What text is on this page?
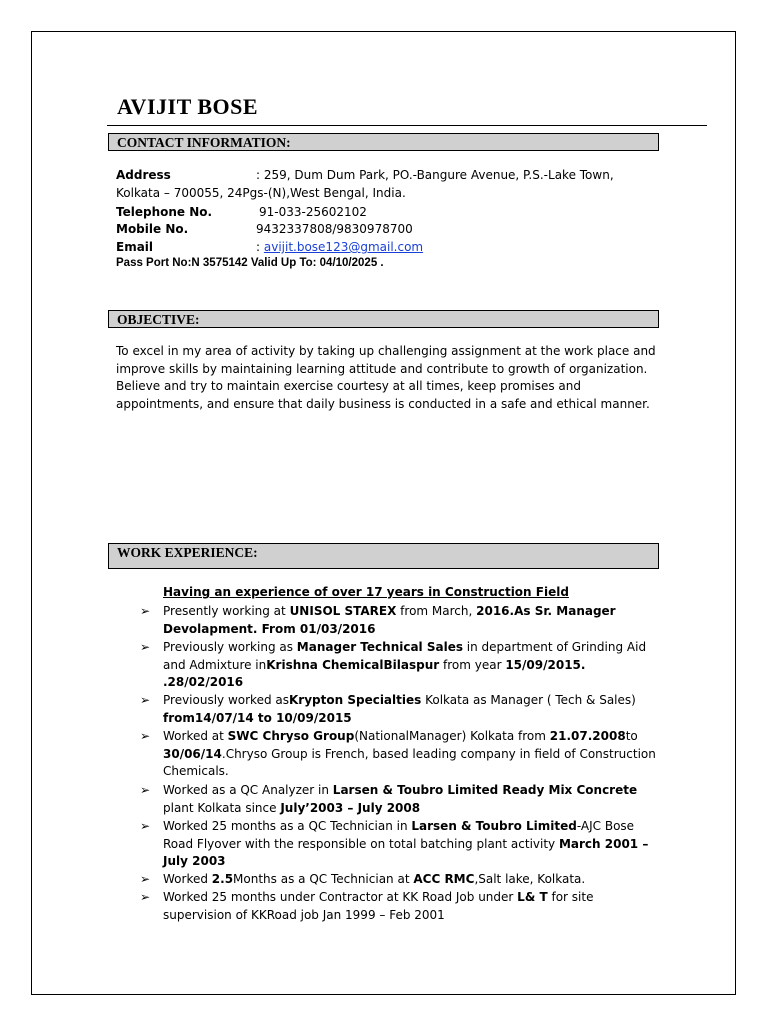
AVIJIT BOSE
CONTACT INFORMATION:
Address	: 259, Dum Dum Park, PO.-Bangure Avenue, P.S.-Lake Town,
Kolkata – 700055, 24Pgs-(N),West Bengal, India.
Telephone No.	91-033-25602102
Mobile No.	9432337808/9830978700
Email	: avijit.bose123@gmail.com
Pass Port No:N 3575142 Valid Up To: 04/10/2025 .
OBJECTIVE:

To excel in my area of activity by taking up challenging assignment at the work place and improve skills by maintaining learning attitude and contribute to growth of organization. Believe and try to maintain exercise courtesy at all times, keep promises and appointments, and ensure that daily business is conducted in a safe and ethical manner.

WORK EXPERIENCE:
Having an experience of over 17 years in Construction Field
➢ Presently working at UNISOL STAREX from March, 2016.As Sr. Manager Devolapment. From 01/03/2016
➢ Previously working as Manager Technical Sales in department of Grinding Aid and Admixture inKrishna ChemicalBilaspur from year 15/09/2015. .28/02/2016
➢ Previously worked asKrypton Specialties Kolkata as Manager ( Tech & Sales) from14/07/14 to 10/09/2015
➢ Worked at SWC Chryso Group(NationalManager) Kolkata from 21.07.2008to 30/06/14.Chryso Group is French, based leading company in field of Construction Chemicals.
➢ Worked as a QC Analyzer in Larsen & Toubro Limited Ready Mix Concrete plant Kolkata since July’2003 – July 2008
➢ Worked 25 months as a QC Technician in Larsen & Toubro Limited-AJC Bose Road Flyover with the responsible on total batching plant activity March 2001 – July 2003
➢ Worked 2.5Months as a QC Technician at ACC RMC,Salt lake, Kolkata.
➢ Worked 25 months under Contractor at KK Road Job under L& T for site supervision of KKRoad job Jan 1999 – Feb 2001
